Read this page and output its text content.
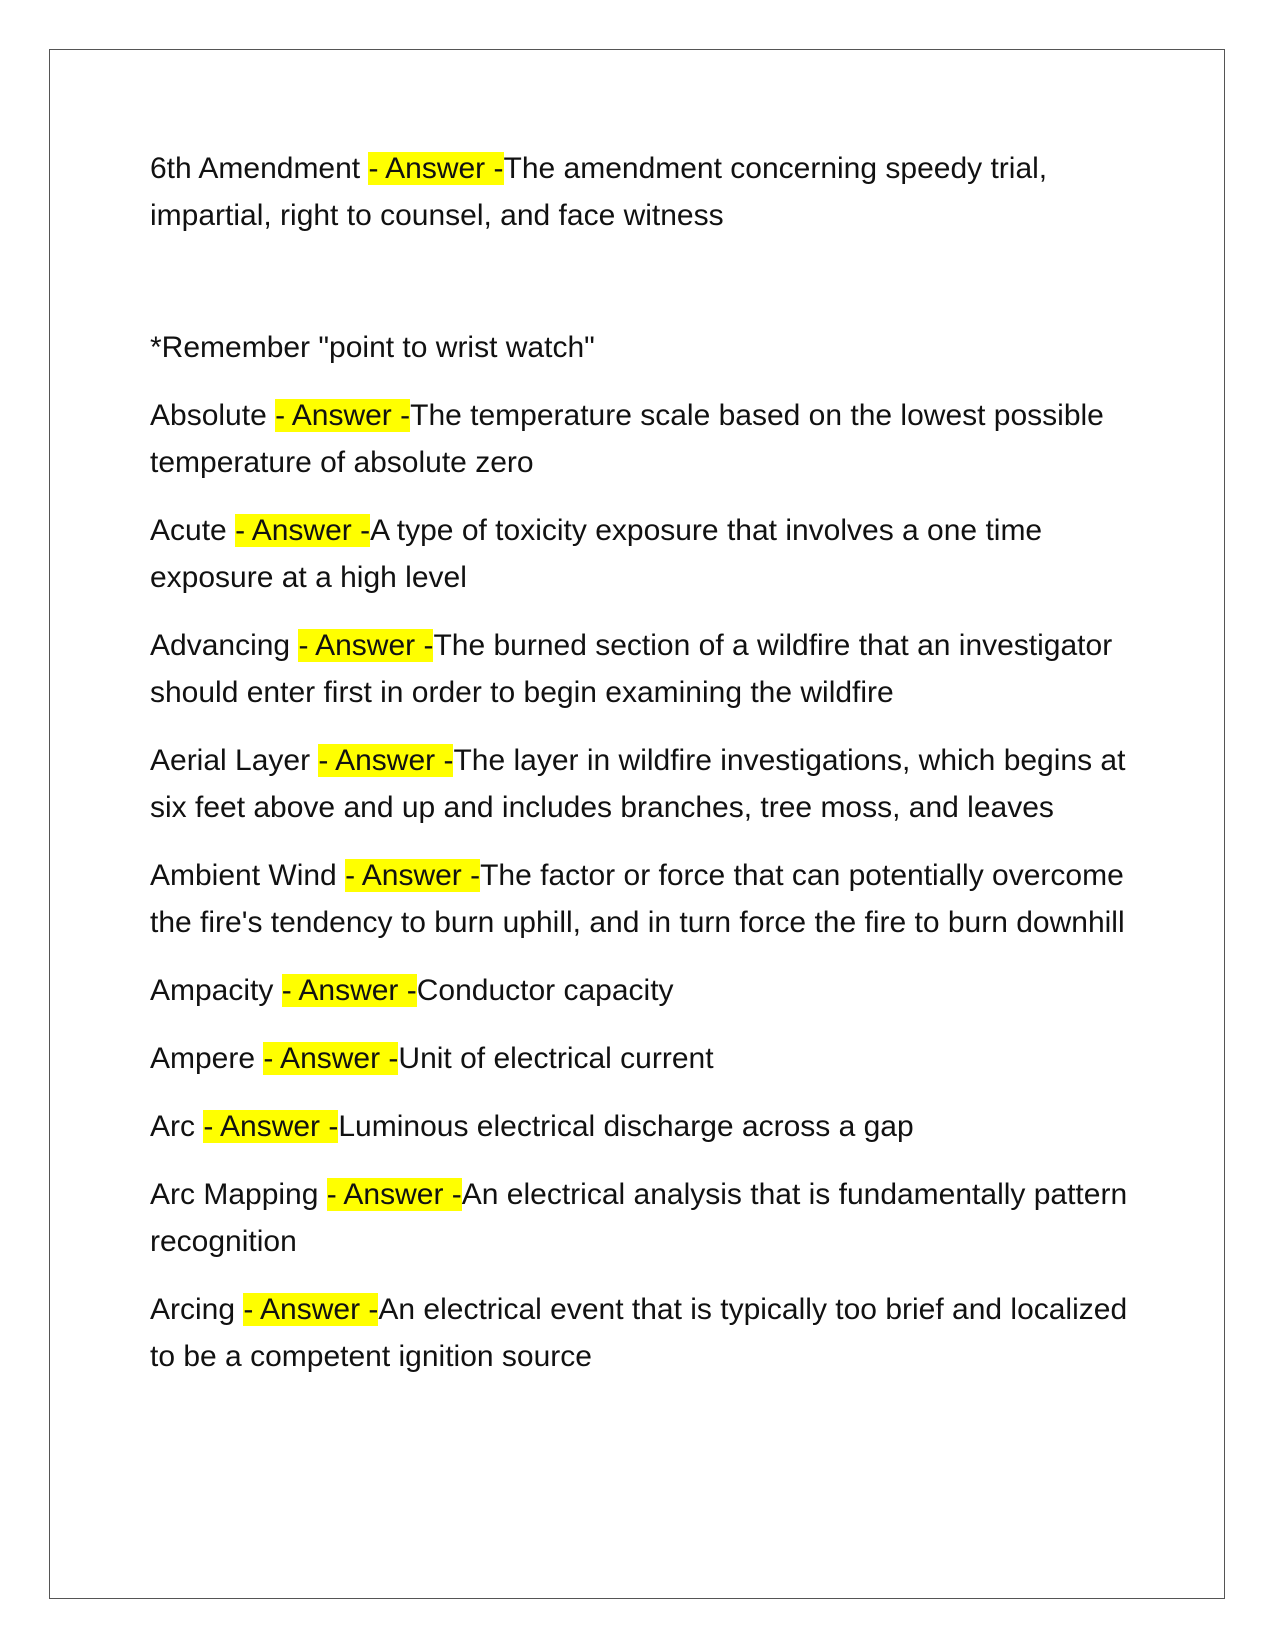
6th Amendment - Answer -The amendment concerning speedy trial, impartial, right to counsel, and face witness

*Remember "point to wrist watch"

Absolute - Answer -The temperature scale based on the lowest possible temperature of absolute zero

Acute - Answer -A type of toxicity exposure that involves a one time exposure at a high level

Advancing - Answer -The burned section of a wildfire that an investigator should enter first in order to begin examining the wildfire

Aerial Layer - Answer -The layer in wildfire investigations, which begins at six feet above and up and includes branches, tree moss, and leaves

Ambient Wind - Answer -The factor or force that can potentially overcome the fire's tendency to burn uphill, and in turn force the fire to burn downhill

Ampacity - Answer -Conductor capacity

Ampere - Answer -Unit of electrical current

Arc - Answer -Luminous electrical discharge across a gap

Arc Mapping - Answer -An electrical analysis that is fundamentally pattern recognition

Arcing - Answer -An electrical event that is typically too brief and localized to be a competent ignition source
